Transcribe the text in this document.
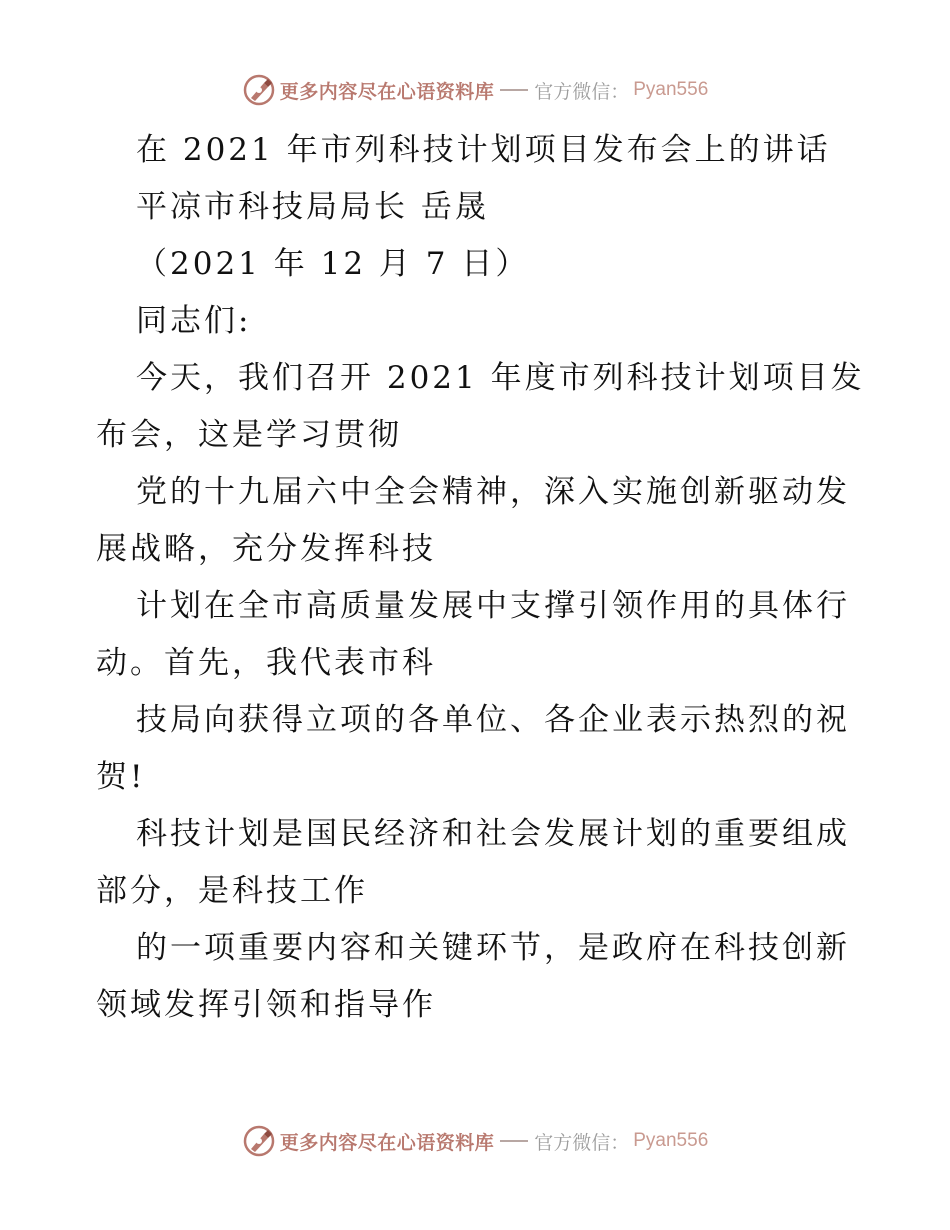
更多内容尽在心语资料库 官方微信： Pyan556
在 2021 年市列科技计划项目发布会上的讲话
平凉市科技局局长 岳晟
（2021 年 12 月 7 日）
同志们:
今天，我们召开 2021 年度市列科技计划项目发
布会，这是学习贯彻
党的十九届六中全会精神，深入实施创新驱动发
展战略，充分发挥科技
计划在全市高质量发展中支撑引领作用的具体行
动。首先，我代表市科
技局向获得立项的各单位、各企业表示热烈的祝
贺!
科技计划是国民经济和社会发展计划的重要组成
部分，是科技工作
的一项重要内容和关键环节，是政府在科技创新
领域发挥引领和指导作
更多内容尽在心语资料库 官方微信： Pyan556
